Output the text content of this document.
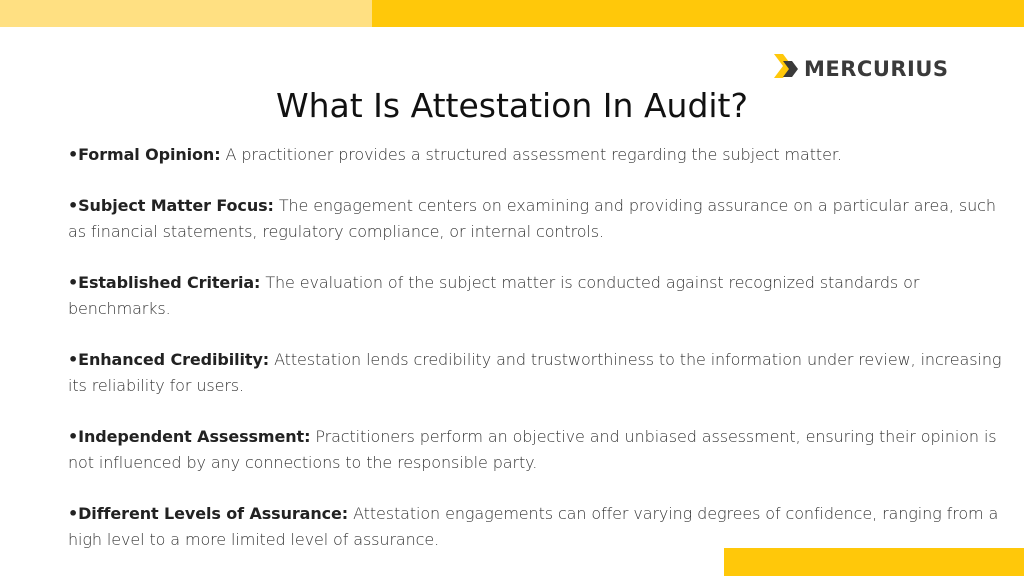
MERCURIUS
What Is Attestation In Audit?

•Formal Opinion: A practitioner provides a structured assessment regarding the subject matter.

•Subject Matter Focus: The engagement centers on examining and providing assurance on a particular area, such as financial statements, regulatory compliance, or internal controls.

•Established Criteria: The evaluation of the subject matter is conducted against recognized standards or benchmarks.

•Enhanced Credibility: Attestation lends credibility and trustworthiness to the information under review, increasing its reliability for users.

•Independent Assessment: Practitioners perform an objective and unbiased assessment, ensuring their opinion is not influenced by any connections to the responsible party.

•Different Levels of Assurance: Attestation engagements can offer varying degrees of confidence, ranging from a high level to a more limited level of assurance.
